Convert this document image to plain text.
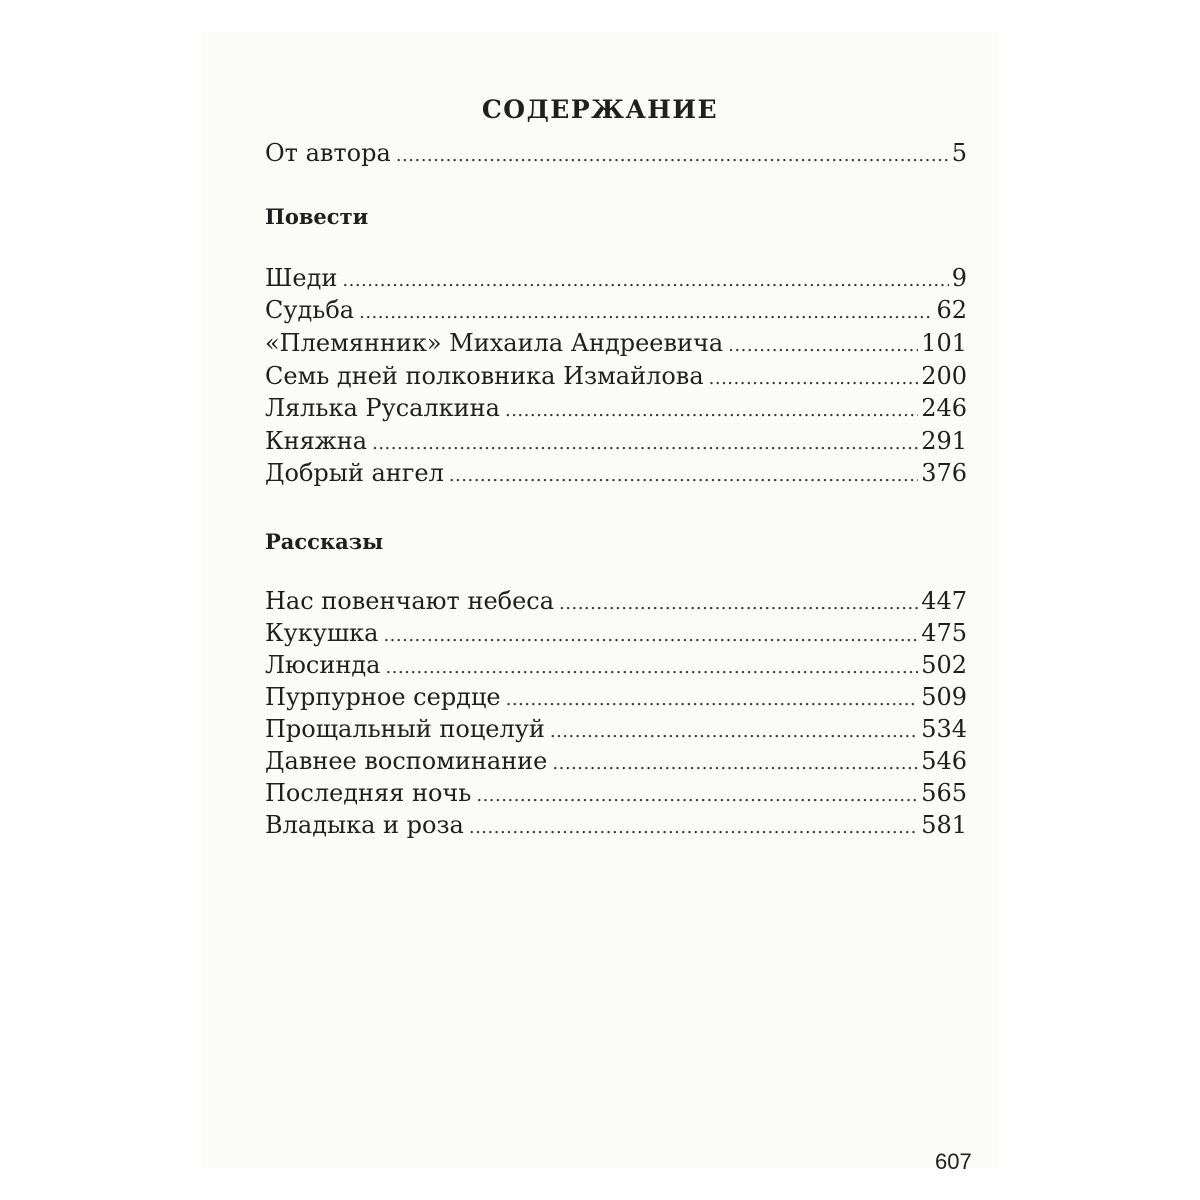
СОДЕРЖАНИЕ
От автора .....	5
Повести
Шеди .....	9
Судьба .....	62
«Племянник» Михаила Андреевича .....	101
Семь дней полковника Измайлова .....	200
Лялька Русалкина .....	246
Княжна .....	291
Добрый ангел .....	376
Рассказы
Нас повенчают небеса .....	447
Кукушка .....	475
Люсинда .....	502
Пурпурное сердце .....	509
Прощальный поцелуй .....	534
Давнее воспоминание .....	546
Последняя ночь .....	565
Владыка и роза .....	581
607
